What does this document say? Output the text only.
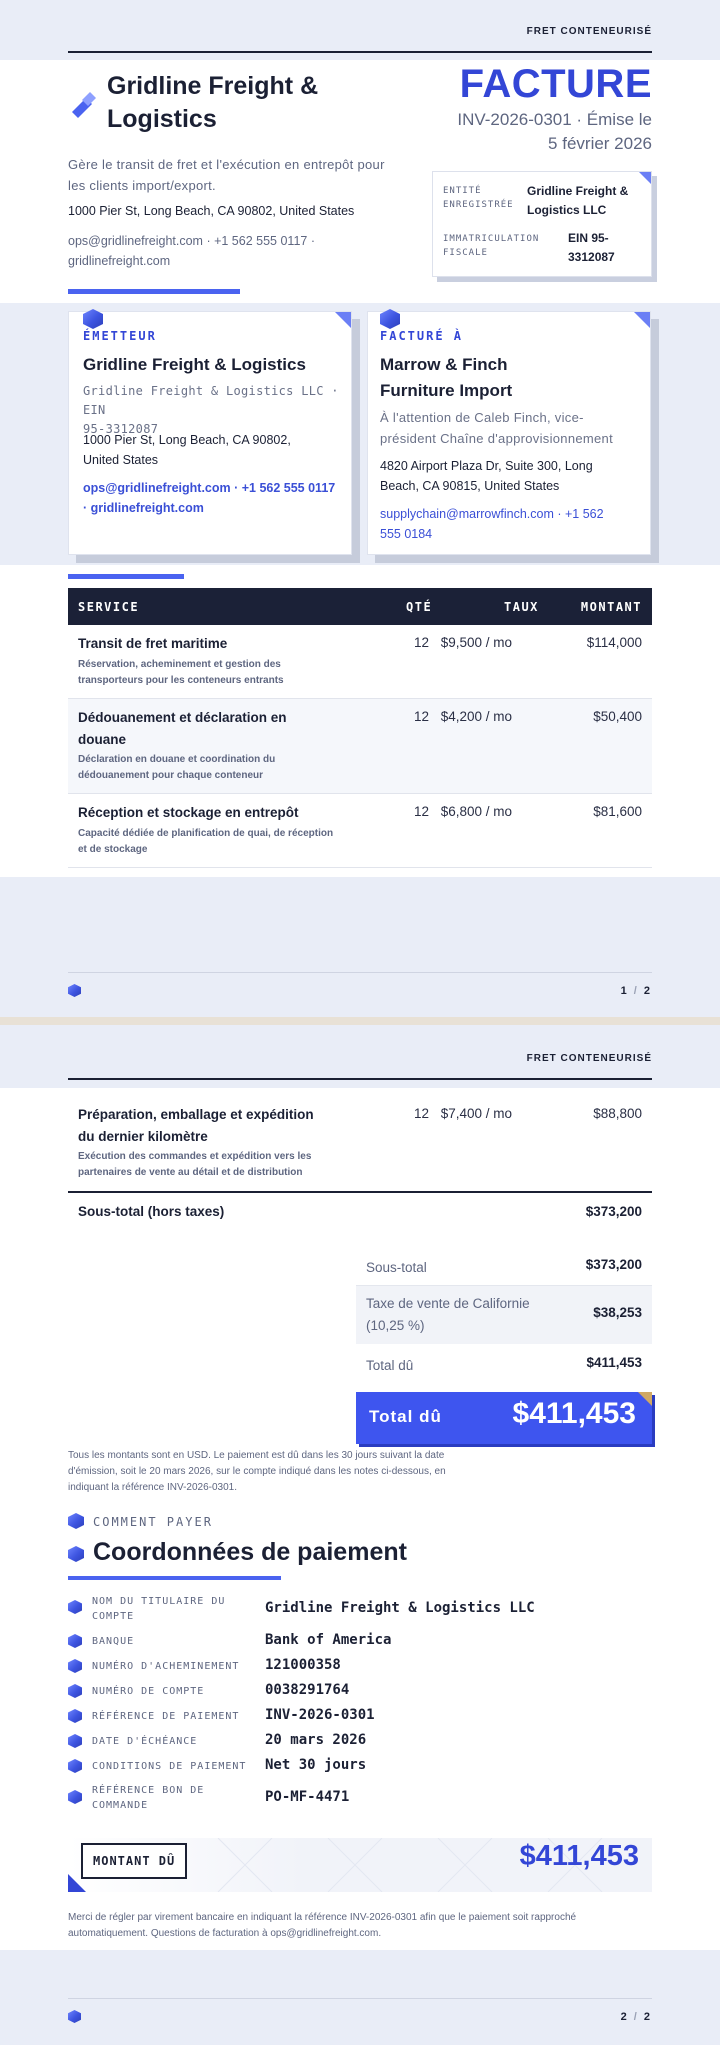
FRET CONTENEURISÉ
Gridline Freight &
Logistics
Gère le transit de fret et l'exécution en entrepôt pour les clients import/export.
1000 Pier St, Long Beach, CA 90802, United States
ops@gridlinefreight.com · +1 562 555 0117 ·
gridlinefreight.com
FACTURE
INV-2026-0301 · Émise le
5 février 2026
ENTITÉ
ENREGISTRÉE
Gridline Freight &
Logistics LLC
IMMATRICULATION
FISCALE
EIN 95-
3312087
ÉMETTEUR
Gridline Freight & Logistics
Gridline Freight & Logistics LLC · EIN
95-3312087
1000 Pier St, Long Beach, CA 90802,
United States
ops@gridlinefreight.com · +1 562 555 0117
· gridlinefreight.com
FACTURÉ À
Marrow & Finch
Furniture Import
À l'attention de Caleb Finch, vice-
président Chaîne d'approvisionnement
4820 Airport Plaza Dr, Suite 300, Long
Beach, CA 90815, United States
supplychain@marrowfinch.com · +1 562
555 0184
SERVICE	QTÉ	TAUX	MONTANT
Transit de fret maritime
Réservation, acheminement et gestion des
transporteurs pour les conteneurs entrants
12 $9,500 / mo	$114,000
Dédouanement et déclaration en
douane
Déclaration en douane et coordination du
dédouanement pour chaque conteneur
12 $4,200 / mo	$50,400
Réception et stockage en entrepôt
Capacité dédiée de planification de quai, de réception
et de stockage
12 $6,800 / mo	$81,600
1 / 2
FRET CONTENEURISÉ
Préparation, emballage et expédition
du dernier kilomètre
Exécution des commandes et expédition vers les
partenaires de vente au détail et de distribution
12 $7,400 / mo	$88,800
Sous-total (hors taxes)	$373,200
Sous-total	$373,200
Taxe de vente de Californie
(10,25 %)
$38,253
Total dû	$411,453
Total dû $411,453
Tous les montants sont en USD. Le paiement est dû dans les 30 jours suivant la date
d'émission, soit le 20 mars 2026, sur le compte indiqué dans les notes ci-dessous, en
indiquant la référence INV-2026-0301.
COMMENT PAYER
Coordonnées de paiement
NOM DU TITULAIRE DU
COMPTE
Gridline Freight & Logistics LLC
BANQUE	Bank of America
NUMÉRO D'ACHEMINEMENT 121000358
NUMÉRO DE COMPTE	0038291764
RÉFÉRENCE DE PAIEMENT INV-2026-0301
DATE D'ÉCHÉANCE	20 mars 2026
CONDITIONS DE PAIEMENT Net 30 jours
RÉFÉRENCE BON DE
COMMANDE
PO-MF-4471
MONTANT DÛ	$411,453
Merci de régler par virement bancaire en indiquant la référence INV-2026-0301 afin que le paiement soit rapproché
automatiquement. Questions de facturation à ops@gridlinefreight.com.
2 / 2
